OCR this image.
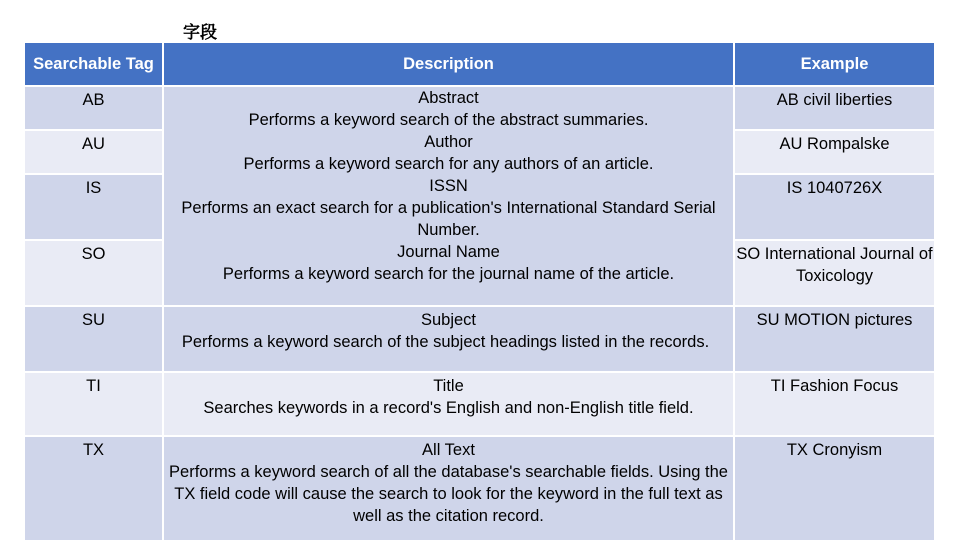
字段
Searchable Tag	Description	Example
AB
AU
IS
SO
SU
TI
TX
Abstract
Performs a keyword search of the abstract summaries.
Author
Performs a keyword search for any authors of an article.
ISSN
Performs an exact search for a publication's International Standard Serial Number.
Journal Name
Performs a keyword search for the journal name of the article.
Subject
Performs a keyword search of the subject headings listed in the records.
Title
Searches keywords in a record's English and non-English title field.
All Text
Performs a keyword search of all the database's searchable fields. Using the TX field code will cause the search to look for the keyword in the full text as well as the citation record.
AB civil liberties
AU Rompalske
IS 1040726X
SO International Journal of Toxicology
SU MOTION pictures
TI Fashion Focus
TX Cronyism
